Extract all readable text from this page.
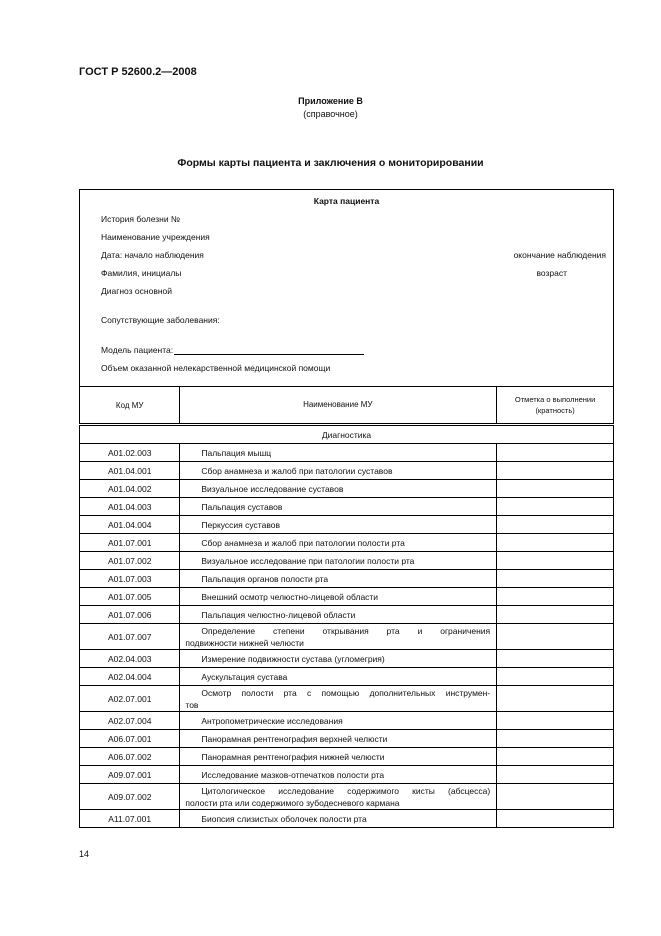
ГОСТ Р 52600.2—2008
Приложение В
(справочное)
Формы карты пациента и заключения о мониторировании
Карта пациента
История болезни №
Наименование учреждения
Дата: начало наблюдения	окончание наблюдения
Фамилия, инициалы	возраст
Диагноз основной
Сопутствующие заболевания:
Модель пациента:
Объем оказанной нелекарственной медицинской помощи
Код МУ	Наименование МУ	Отметка о выполнении
(кратность)

Диагностика		
А01.02.003	Пальпация мышц	
А01.04.001	Сбор анамнеза и жалоб при патологии суставов	
А01.04.002	Визуальное исследование суставов	
А01.04.003	Пальпация суставов	
А01.04.004	Перкуссия суставов	
А01.07.001	Сбор анамнеза и жалоб при патологии полости рта	
А01.07.002	Визуальное исследование при патологии полости рта	
А01.07.003	Пальпация органов полости рта	
А01.07.005	Внешний осмотр челюстно-лицевой области	
А01.07.006	Пальпация челюстно-лицевой области	
А01.07.007	Определение степени открывания рта и ограничения
подвижности нижней челюсти	

А02.04.003	Измерение подвижности сустава (угломегрия)	
А02.04.004	Аускультация сустава	
А02.07.001	Осмотр полости рта с помощью дополнительных инструмен-
тов	

А02.07.004	Антропометрические исследования	
А06.07.001	Панорамная рентгенография верхней челюсти	
А06.07.002	Панорамная рентгенография нижней челюсти	
А09.07.001	Исследование мазков-отпечатков полости рта	
А09.07.002	Цитологическое исследование содержимого кисты (абсцесса)
полости рта или содержимого зубодесневого кармана	

А11.07.001	Биопсия слизистых оболочек полости рта	
14
